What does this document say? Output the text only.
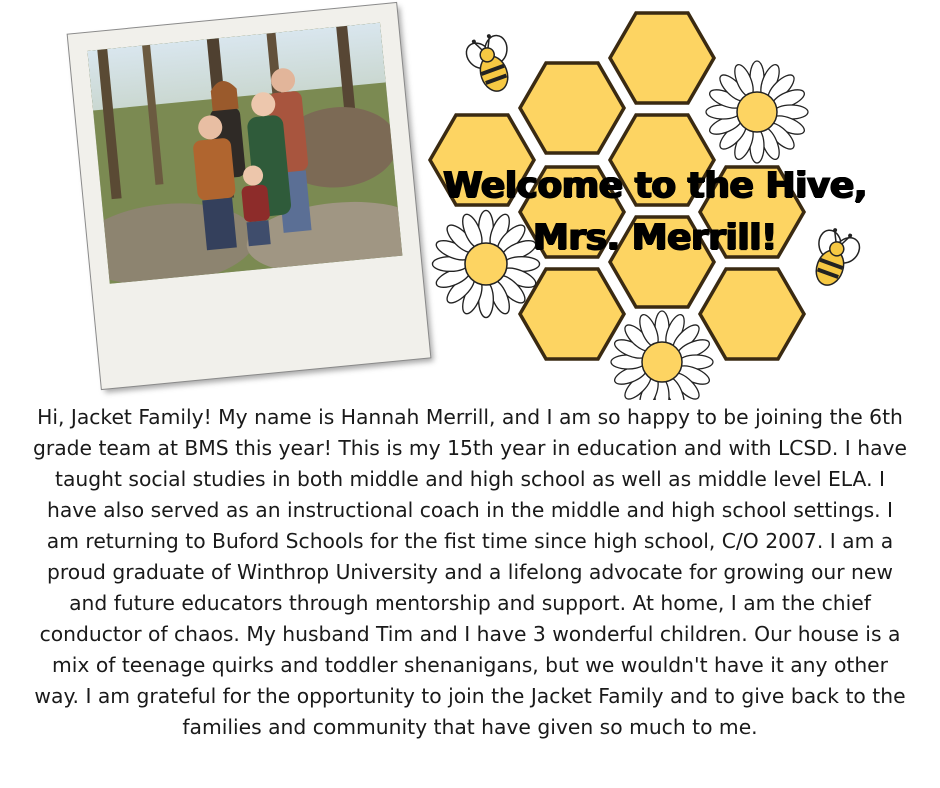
Welcome to the Hive,
Mrs. Merrill!

Hi, Jacket Family! My name is Hannah Merrill, and I am so happy to be joining the 6th grade team at BMS this year! This is my 15th year in education and with LCSD. I have taught social studies in both middle and high school as well as middle level ELA. I have also served as an instructional coach in the middle and high school settings. I am returning to Buford Schools for the fist time since high school, C/O 2007. I am a proud graduate of Winthrop University and a lifelong advocate for growing our new and future educators through mentorship and support. At home, I am the chief conductor of chaos. My husband Tim and I have 3 wonderful children. Our house is a mix of teenage quirks and toddler shenanigans, but we wouldn't have it any other way. I am grateful for the opportunity to join the Jacket Family and to give back to the families and community that have given so much to me.
